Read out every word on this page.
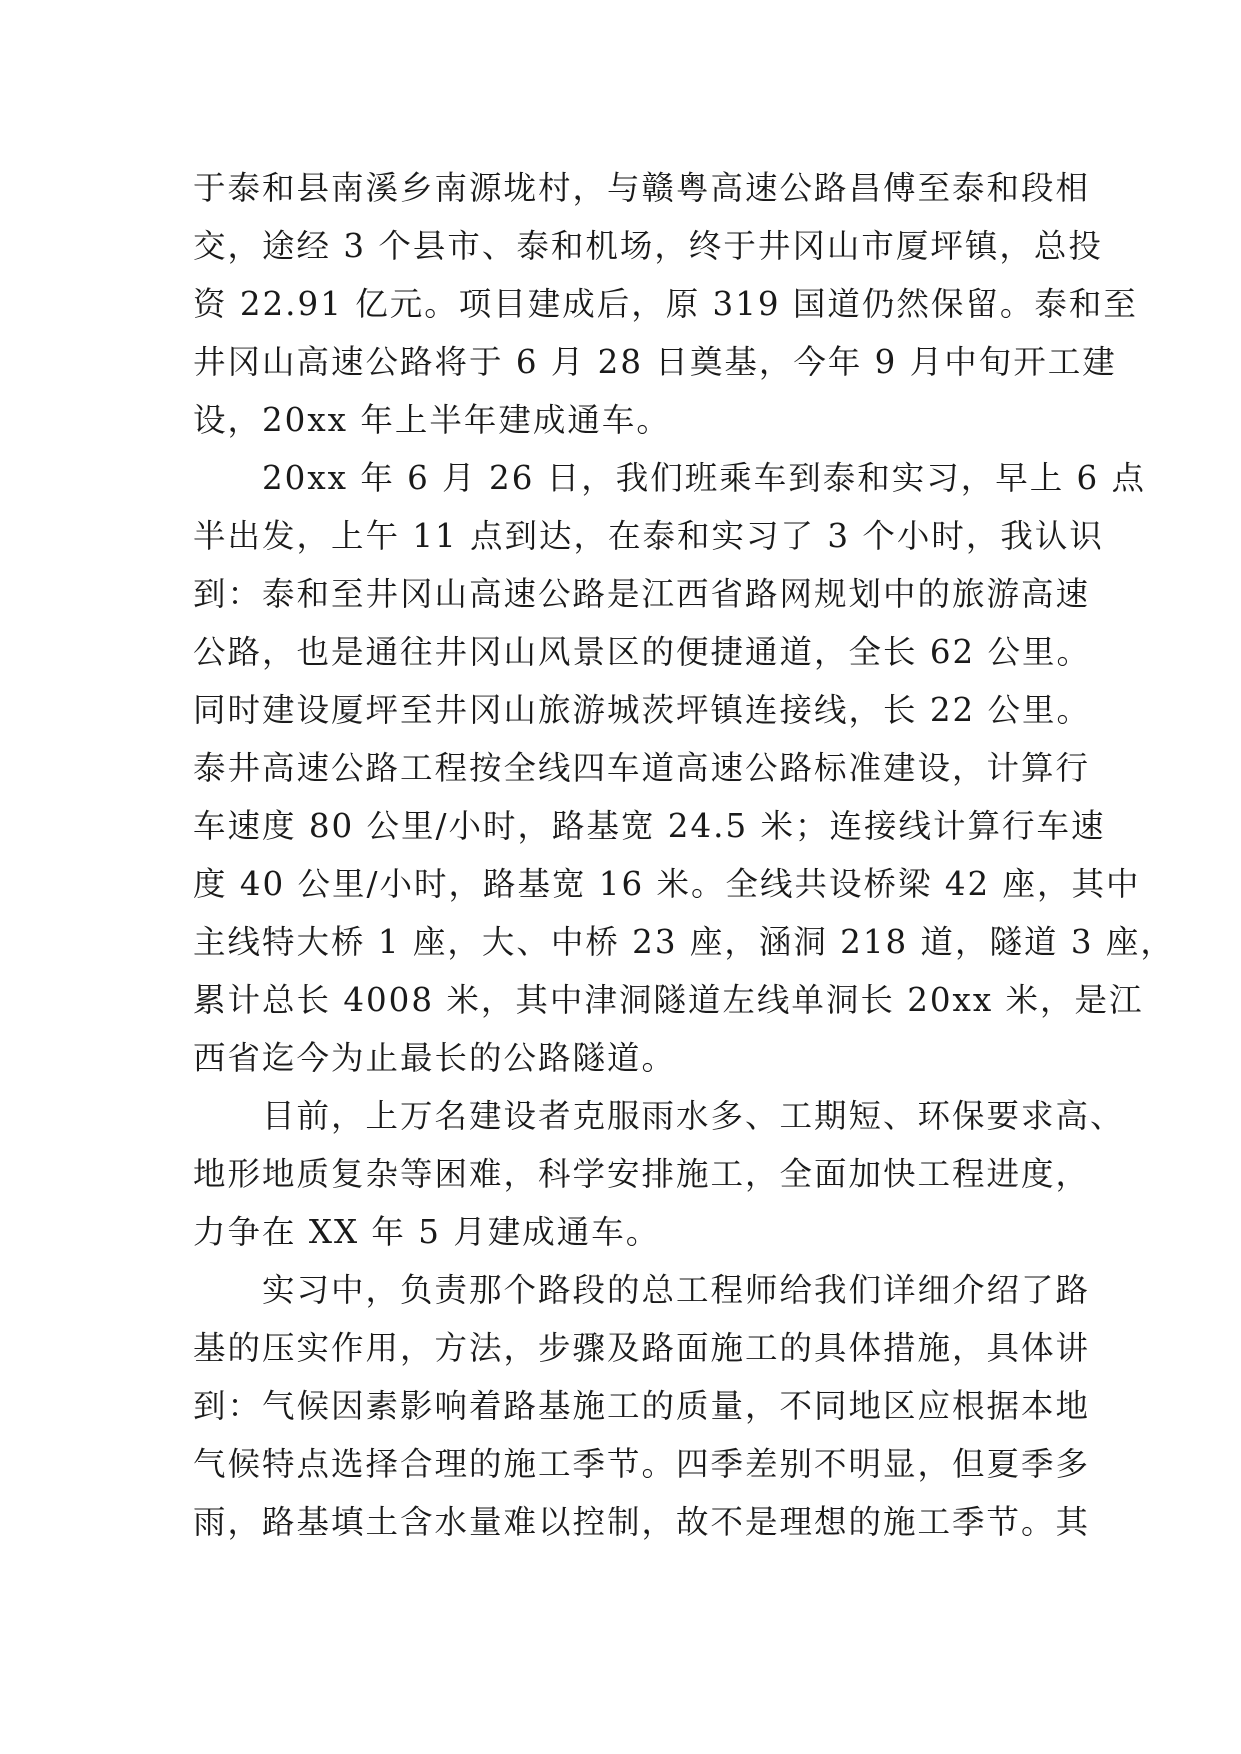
于泰和县南溪乡南源垅村，与赣粤高速公路昌傅至泰和段相
交，途经 3 个县市、泰和机场，终于井冈山市厦坪镇，总投
资 22.91 亿元。项目建成后，原 319 国道仍然保留。泰和至
井冈山高速公路将于 6 月 28 日奠基，今年 9 月中旬开工建
设，20xx 年上半年建成通车。
　　20xx 年 6 月 26 日，我们班乘车到泰和实习，早上 6 点
半出发，上午 11 点到达，在泰和实习了 3 个小时，我认识
到：泰和至井冈山高速公路是江西省路网规划中的旅游高速
公路，也是通往井冈山风景区的便捷通道，全长 62 公里。
同时建设厦坪至井冈山旅游城茨坪镇连接线，长 22 公里。
泰井高速公路工程按全线四车道高速公路标准建设，计算行
车速度 80 公里/小时，路基宽 24.5 米；连接线计算行车速
度 40 公里/小时，路基宽 16 米。全线共设桥梁 42 座，其中
主线特大桥 1 座，大、中桥 23 座，涵洞 218 道，隧道 3 座，
累计总长 4008 米，其中津洞隧道左线单洞长 20xx 米，是江
西省迄今为止最长的公路隧道。
　　目前，上万名建设者克服雨水多、工期短、环保要求高、
地形地质复杂等困难，科学安排施工，全面加快工程进度，
力争在 XX 年 5 月建成通车。
　　实习中，负责那个路段的总工程师给我们详细介绍了路
基的压实作用，方法，步骤及路面施工的具体措施，具体讲
到：气候因素影响着路基施工的质量，不同地区应根据本地
气候特点选择合理的施工季节。四季差别不明显，但夏季多
雨，路基填土含水量难以控制，故不是理想的施工季节。其
